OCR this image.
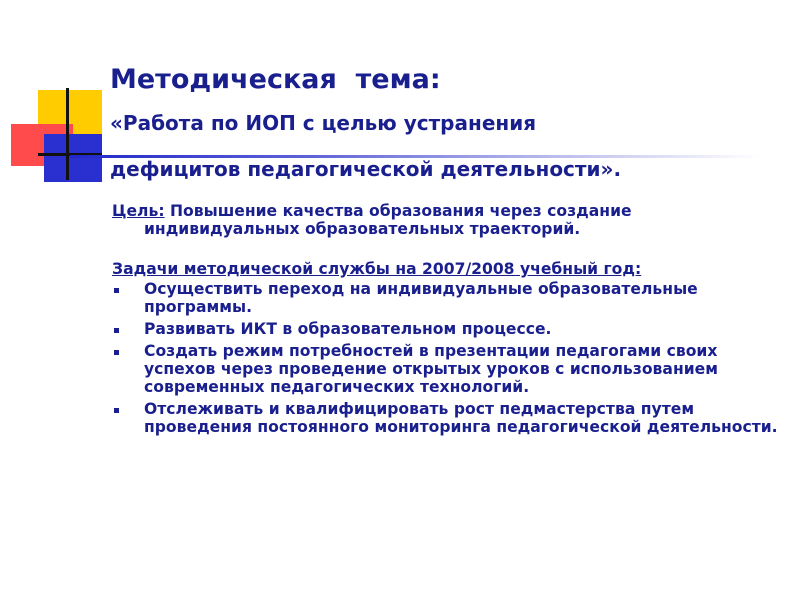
Методическая  тема:
«Работа по ИОП с целью устранения
дефицитов педагогической деятельности».

Цель: Повышение качества образования через создание
индивидуальных образовательных траекторий.

Задачи методической службы на 2007/2008 учебный год:
Осуществить переход на индивидуальные образовательные программы.
Развивать ИКТ в образовательном процессе.
Создать режим потребностей в презентации педагогами своих успехов через проведение открытых уроков с использованием современных педагогических технологий.
Отслеживать и квалифицировать рост педмастерства путем проведения постоянного мониторинга педагогической деятельности.
